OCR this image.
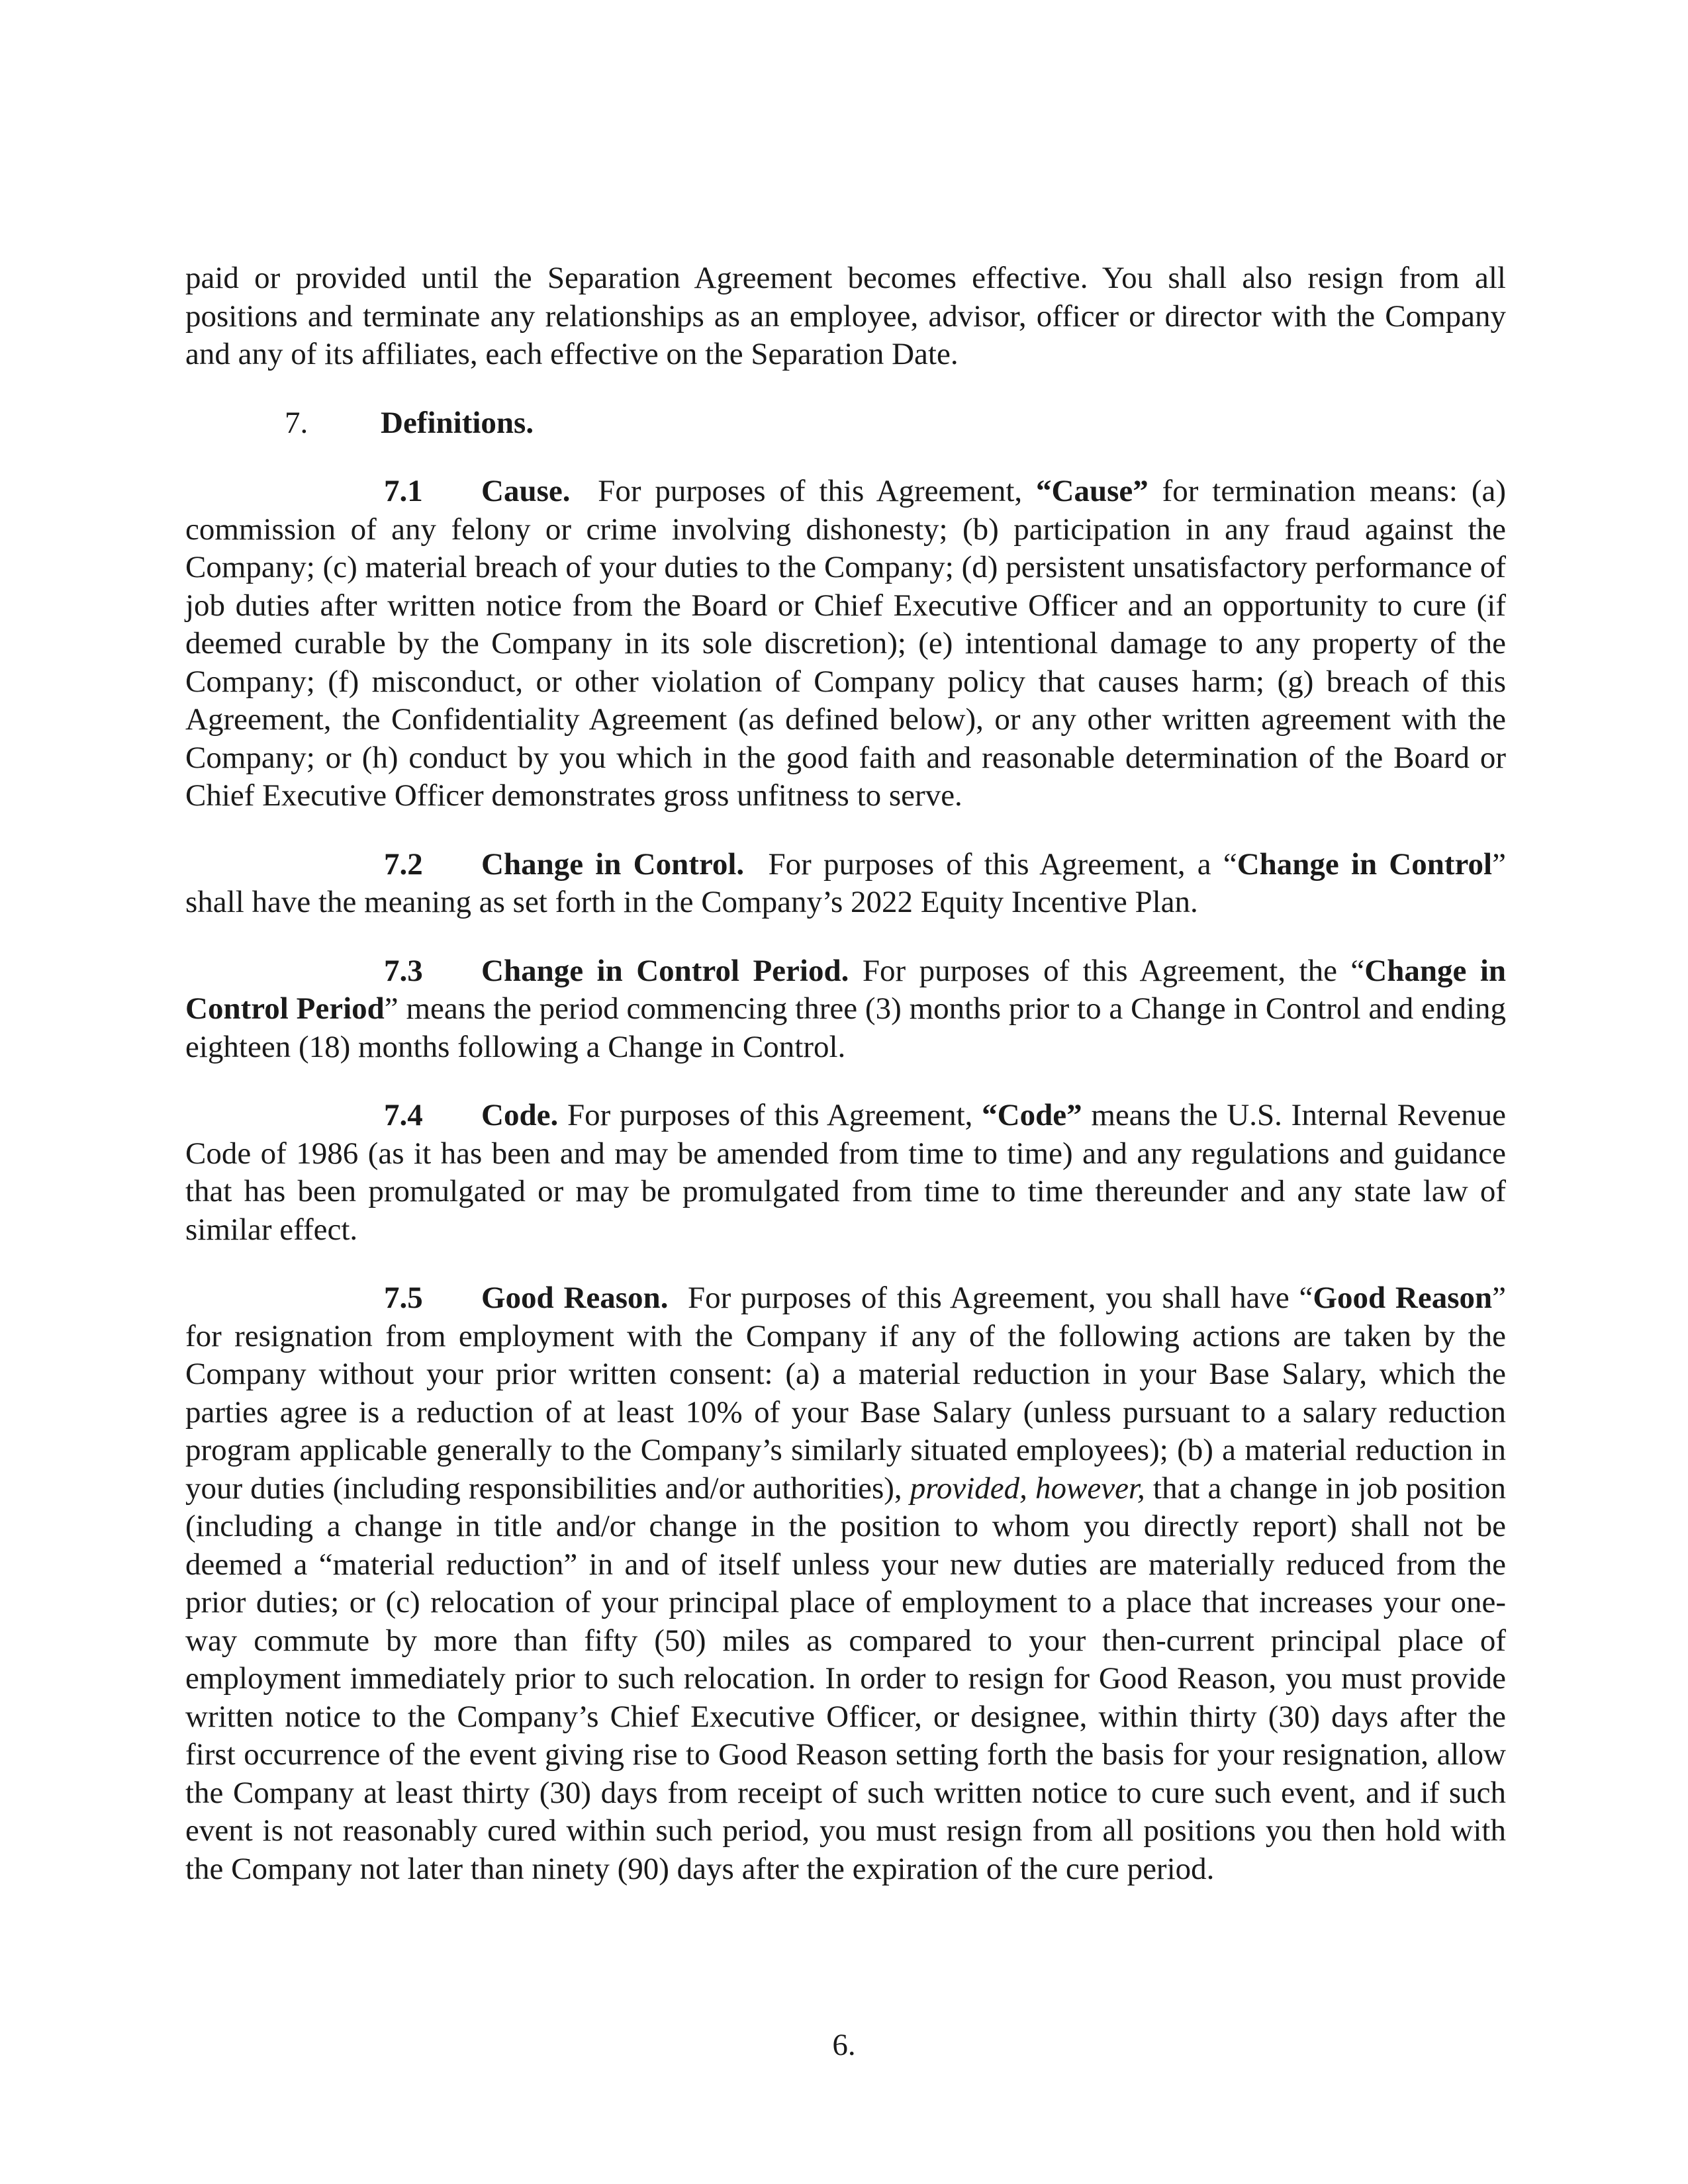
paid or provided until the Separation Agreement becomes effective. You shall also resign from all positions and terminate any relationships as an employee, advisor, officer or director with the Company and any of its affiliates, each effective on the Separation Date.

7. Definitions.

7.1 Cause. For purposes of this Agreement, “Cause” for termination means: (a) commission of any felony or crime involving dishonesty; (b) participation in any fraud against the Company; (c) material breach of your duties to the Company; (d) persistent unsatisfactory performance of job duties after written notice from the Board or Chief Executive Officer and an opportunity to cure (if deemed curable by the Company in its sole discretion); (e) intentional damage to any property of the Company; (f) misconduct, or other violation of Company policy that causes harm; (g) breach of this Agreement, the Confidentiality Agreement (as defined below), or any other written agreement with the Company; or (h) conduct by you which in the good faith and reasonable determination of the Board or Chief Executive Officer demonstrates gross unfitness to serve.

7.2 Change in Control. For purposes of this Agreement, a “Change in Control” shall have the meaning as set forth in the Company’s 2022 Equity Incentive Plan.

7.3 Change in Control Period. For purposes of this Agreement, the “Change in Control Period” means the period commencing three (3) months prior to a Change in Control and ending eighteen (18) months following a Change in Control.

7.4 Code. For purposes of this Agreement, “Code” means the U.S. Internal Revenue Code of 1986 (as it has been and may be amended from time to time) and any regulations and guidance that has been promulgated or may be promulgated from time to time thereunder and any state law of similar effect.

7.5 Good Reason. For purposes of this Agreement, you shall have “Good Reason” for resignation from employment with the Company if any of the following actions are taken by the Company without your prior written consent: (a) a material reduction in your Base Salary, which the parties agree is a reduction of at least 10% of your Base Salary (unless pursuant to a salary reduction program applicable generally to the Company’s similarly situated employees); (b) a material reduction in your duties (including responsibilities and/or authorities), provided, however, that a change in job position (including a change in title and/or change in the position to whom you directly report) shall not be deemed a “material reduction” in and of itself unless your new duties are materially reduced from the prior duties; or (c) relocation of your principal place of employment to a place that increases your one-way commute by more than fifty (50) miles as compared to your then-current principal place of employment immediately prior to such relocation. In order to resign for Good Reason, you must provide written notice to the Company’s Chief Executive Officer, or designee, within thirty (30) days after the first occurrence of the event giving rise to Good Reason setting forth the basis for your resignation, allow the Company at least thirty (30) days from receipt of such written notice to cure such event, and if such event is not reasonably cured within such period, you must resign from all positions you then hold with the Company not later than ninety (90) days after the expiration of the cure period.

6.
